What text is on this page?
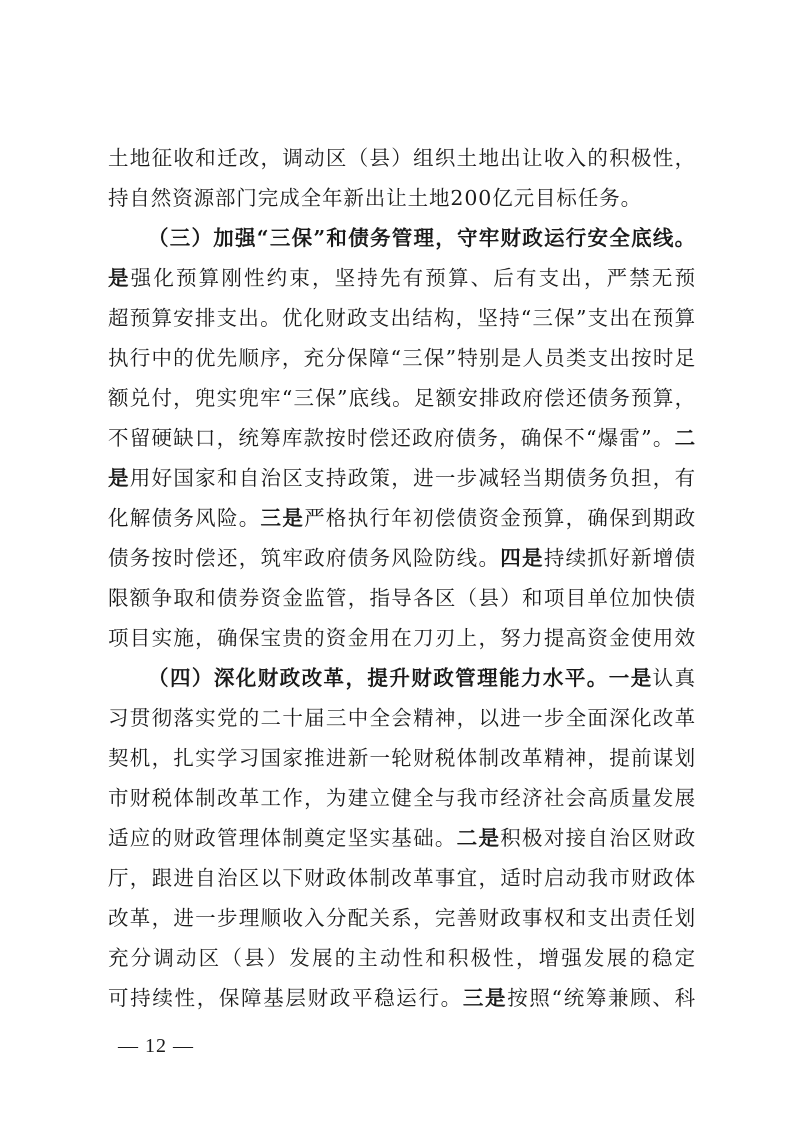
土地征收和迁改，调动区（县）组织土地出让收入的积极性，
持自然资源部门完成全年新出让土地200亿元目标任务。
（三）加强“三保”和债务管理，守牢财政运行安全底线。
是强化预算刚性约束，坚持先有预算、后有支出，严禁无预
超预算安排支出。优化财政支出结构，坚持“三保”支出在预算
执行中的优先顺序，充分保障“三保”特别是人员类支出按时足
额兑付，兜实兜牢“三保”底线。足额安排政府偿还债务预算，
不留硬缺口，统筹库款按时偿还政府债务，确保不“爆雷”。二
是用好国家和自治区支持政策，进一步减轻当期债务负担，有
化解债务风险。三是严格执行年初偿债资金预算，确保到期政
债务按时偿还，筑牢政府债务风险防线。四是持续抓好新增债
限额争取和债券资金监管，指导各区（县）和项目单位加快债
项目实施，确保宝贵的资金用在刀刃上，努力提高资金使用效
（四）深化财政改革，提升财政管理能力水平。一是认真
习贯彻落实党的二十届三中全会精神，以进一步全面深化改革
契机，扎实学习国家推进新一轮财税体制改革精神，提前谋划
市财税体制改革工作，为建立健全与我市经济社会高质量发展
适应的财政管理体制奠定坚实基础。二是积极对接自治区财政
厅，跟进自治区以下财政体制改革事宜，适时启动我市财政体
改革，进一步理顺收入分配关系，完善财政事权和支出责任划
充分调动区（县）发展的主动性和积极性，增强发展的稳定
可持续性，保障基层财政平稳运行。三是按照“统筹兼顾、科
— 12 —
